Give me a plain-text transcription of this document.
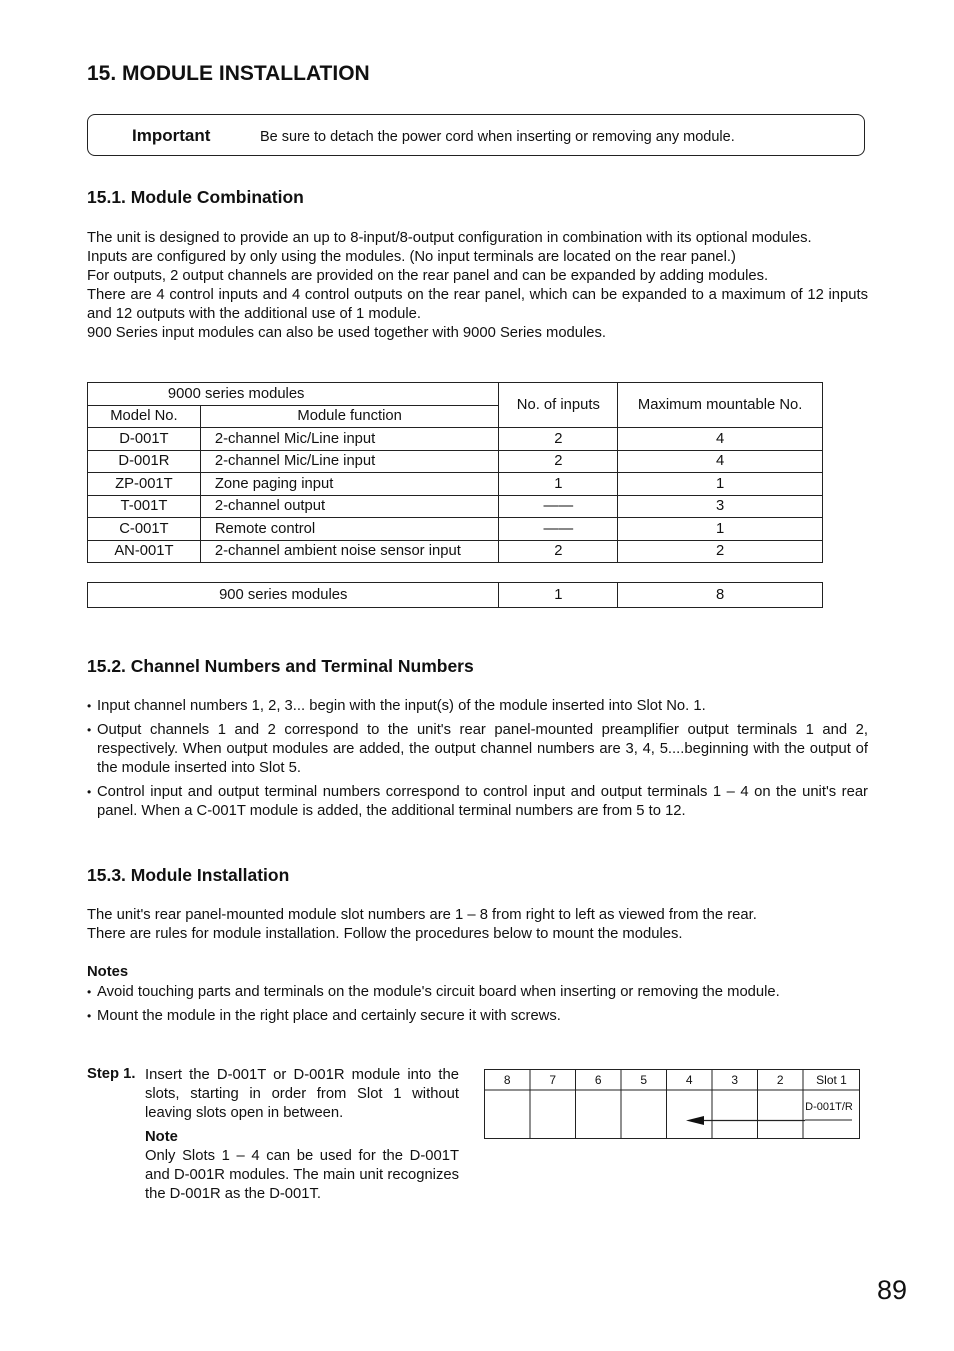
15. MODULE INSTALLATION
Important	Be sure to detach the power cord when inserting or removing any module.
15.1. Module Combination

The unit is designed to provide an up to 8-input/8-output configuration in combination with its optional modules.

Inputs are configured by only using the modules. (No input terminals are located on the rear panel.)

For outputs, 2 output channels are provided on the rear panel and can be expanded by adding modules.

There are 4 control inputs and 4 control outputs on the rear panel, which can be expanded to a maximum of 12 inputs and 12 outputs with the additional use of 1 module.

900 Series input modules can also be used together with 9000 Series modules.

9000 series modules		No. of inputs	Maximum mountable No.
Model No.	Module function		
D-001T	2-channel Mic/Line input	2	4
D-001R	2-channel Mic/Line input	2	4
ZP-001T	Zone paging input	1	1
T-001T	2-channel output	——	3
C-001T	Remote control	——	1
AN-001T	2-channel ambient noise sensor input	2	2
900 series modules	1	8
15.2. Channel Numbers and Terminal Numbers
• Input channel numbers 1, 2, 3... begin with the input(s) of the module inserted into Slot No. 1.
• Output channels 1 and 2 correspond to the unit's rear panel-mounted preamplifier output terminals 1 and 2, respectively. When output modules are added, the output channel numbers are 3, 4, 5....beginning with the output of the module inserted into Slot 5.
• Control input and output terminal numbers correspond to control input and output terminals 1 – 4 on the unit's rear panel. When a C-001T module is added, the additional terminal numbers are from 5 to 12.
15.3. Module Installation

The unit's rear panel-mounted module slot numbers are 1 – 8 from right to left as viewed from the rear.

There are rules for module installation. Follow the procedures below to mount the modules.

Notes
• Avoid touching parts and terminals on the module's circuit board when inserting or removing the module.
• Mount the module in the right place and certainly secure it with screws.
Step 1. Insert the D-001T or D-001R module into the slots, starting in order from Slot 1 without leaving slots open in between.

Note

Only Slots 1 – 4 can be used for the D-001T and D-001R modules. The main unit recognizes the D-001R as the D-001T.

8	7	6	5	4	3	2	Slot 1
D-001T/R
89
